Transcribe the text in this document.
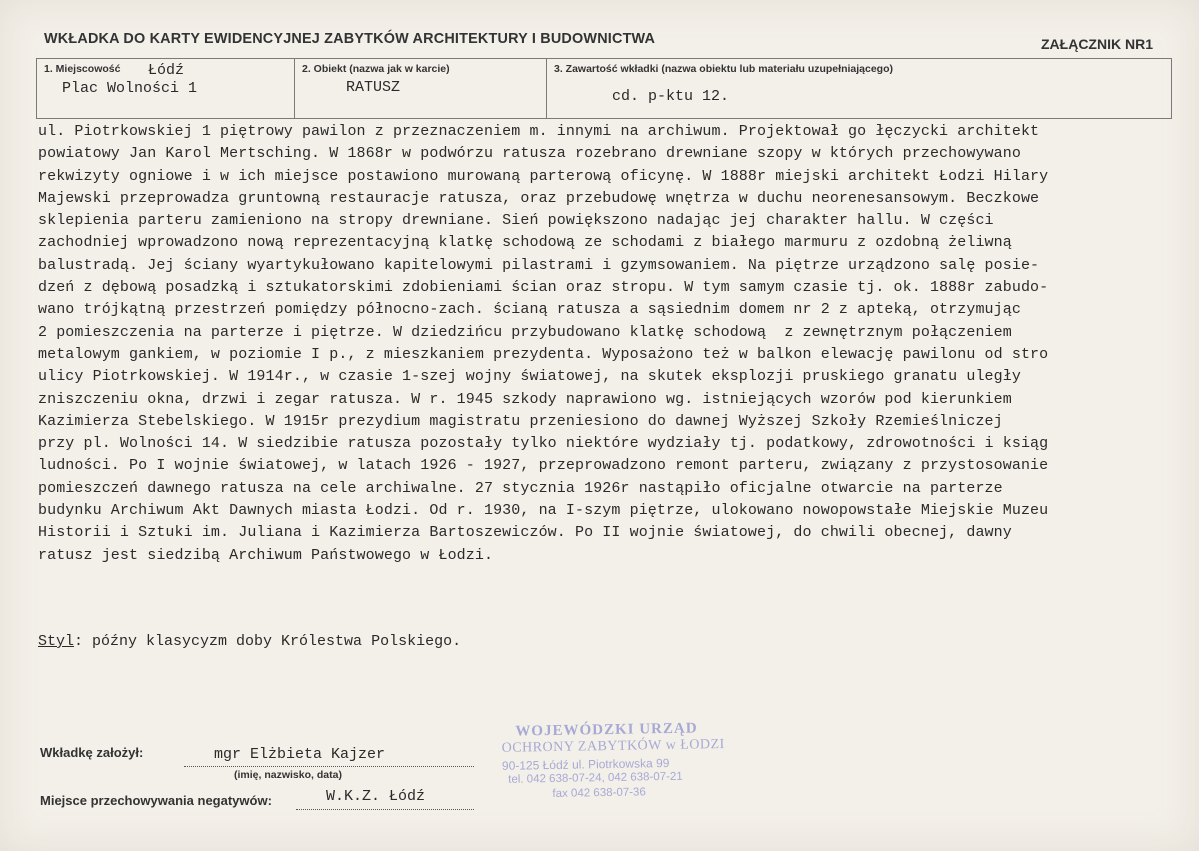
WKŁADKA DO KARTY EWIDENCYJNEJ ZABYTKÓW ARCHITEKTURY I BUDOWNICTWA	ZAŁĄCZNIK NR1
1. Miejscowość Łódź
Plac Wolności 1
2. Obiekt (nazwa jak w karcie)
RATUSZ
3. Zawartość wkładki (nazwa obiektu lub materiału uzupełniającego)
cd. p-ktu 12.
ul. Piotrkowskiej 1 piętrowy pawilon z przeznaczeniem m. innymi na archiwum. Projektował go łęczycki architekt
powiatowy Jan Karol Mertsching. W 1868r w podwórzu ratusza rozebrano drewniane szopy w których przechowywano
rekwizyty ogniowe i w ich miejsce postawiono murowaną parterową oficynę. W 1888r miejski architekt Łodzi Hilary
Majewski przeprowadza gruntowną restauracje ratusza, oraz przebudowę wnętrza w duchu neorenesansowym. Beczkowe
sklepienia parteru zamieniono na stropy drewniane. Sień powiększono nadając jej charakter hallu. W części
zachodniej wprowadzono nową reprezentacyjną klatkę schodową ze schodami z białego marmuru z ozdobną żeliwną
balustradą. Jej ściany wyartykułowano kapitelowymi pilastrami i gzymsowaniem. Na piętrze urządzono salę posie-
dzeń z dębową posadzką i sztukatorskimi zdobieniami ścian oraz stropu. W tym samym czasie tj. ok. 1888r zabudo-
wano trójkątną przestrzeń pomiędzy północno-zach. ścianą ratusza a sąsiednim domem nr 2 z apteką, otrzymując
2 pomieszczenia na parterze i piętrze. W dziedzińcu przybudowano klatkę schodową  z zewnętrznym połączeniem
metalowym gankiem, w poziomie I p., z mieszkaniem prezydenta. Wyposażono też w balkon elewację pawilonu od stro
ulicy Piotrkowskiej. W 1914r., w czasie 1-szej wojny światowej, na skutek eksplozji pruskiego granatu uległy
zniszczeniu okna, drzwi i zegar ratusza. W r. 1945 szkody naprawiono wg. istniejących wzorów pod kierunkiem
Kazimierza Stebelskiego. W 1915r prezydium magistratu przeniesiono do dawnej Wyższej Szkoły Rzemieślniczej
przy pl. Wolności 14. W siedzibie ratusza pozostały tylko niektóre wydziały tj. podatkowy, zdrowotności i ksiąg
ludności. Po I wojnie światowej, w latach 1926 - 1927, przeprowadzono remont parteru, związany z przystosowanie
pomieszczeń dawnego ratusza na cele archiwalne. 27 stycznia 1926r nastąpiło oficjalne otwarcie na parterze
budynku Archiwum Akt Dawnych miasta Łodzi. Od r. 1930, na I-szym piętrze, ulokowano nowopowstałe Miejskie Muzeu
Historii i Sztuki im. Juliana i Kazimierza Bartoszewiczów. Po II wojnie światowej, do chwili obecnej, dawny
ratusz jest siedzibą Archiwum Państwowego w Łodzi.
Styl: późny klasycyzm doby Królestwa Polskiego.
Wkładkę założył:	mgr Elżbieta Kajzer
(imię, nazwisko, data)
Miejsce przechowywania negatywów:	W.K.Z. Łódź
WOJEWÓDZKI URZĄD
OCHRONY ZABYTKÓW w ŁODZI
90-125 Łódź ul. Piotrkowska 99
tel. 042 638-07-24, 042 638-07-21
fax 042 638-07-36
